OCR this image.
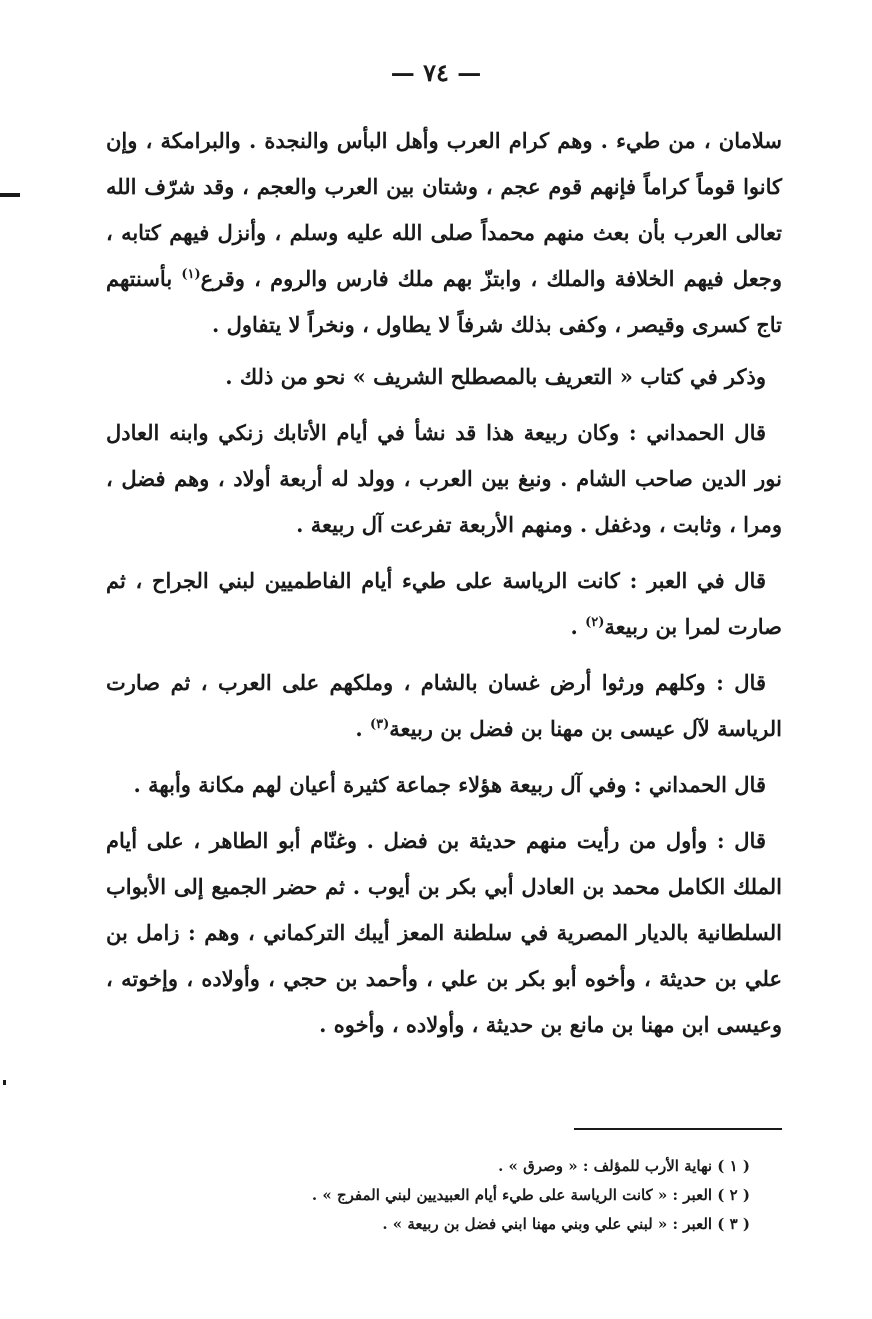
— ٧٤ —

سلامان ، من طيء . وهم كرام العرب وأهل البأس والنجدة . والبرامكة ، وإن كانوا قوماً كراماً فإنهم قوم عجم ، وشتان بين العرب والعجم ، وقد شرّف الله تعالى العرب بأن بعث منهم محمداً صلى الله عليه وسلم ، وأنزل فيهم كتابه ، وجعل فيهم الخلافة والملك ، وابتزّ بهم ملك فارس والروم ، وقرع$^{(١)}$ بأسنتهم تاج كسرى وقيصر ، وكفى بذلك شرفاً لا يطاول ، ونخراً لا يتفاول .

وذكر في كتاب « التعريف بالمصطلح الشريف » نحو من ذلك .

قال الحمداني : وكان ربيعة هذا قد نشأ في أيام الأتابك زنكي وابنه العادل نور الدين صاحب الشام . ونبغ بين العرب ، وولد له أربعة أولاد ، وهم فضل ، ومرا ، وثابت ، ودغفل . ومنهم الأربعة تفرعت آل ربيعة .

قال في العبر : كانت الرياسة على طيء أيام الفاطميين لبني الجراح ، ثم صارت لمرا بن ربيعة$^{(٢)}$ .

قال : وكلهم ورثوا أرض غسان بالشام ، وملكهم على العرب ، ثم صارت الرياسة لآل عيسى بن مهنا بن فضل بن ربيعة$^{(٣)}$ .

قال الحمداني : وفي آل ربيعة هؤلاء جماعة كثيرة أعيان لهم مكانة وأبهة .

قال : وأول من رأيت منهم حديثة بن فضل . وغنّام أبو الطاهر ، على أيام الملك الكامل محمد بن العادل أبي بكر بن أيوب . ثم حضر الجميع إلى الأبواب السلطانية بالديار المصرية في سلطنة المعز أيبك التركماني ، وهم : زامل بن علي بن حديثة ، وأخوه أبو بكر بن علي ، وأحمد بن حجي ، وأولاده ، وإخوته ، وعيسى ابن مهنا بن مانع بن حديثة ، وأولاده ، وأخوه .

( ١ ) نهاية الأرب للمؤلف : « وصرق » .

( ٢ ) العبر : « كانت الرياسة على طيء أيام العبيديين لبني المفرج » .

( ٣ ) العبر : « لبني علي وبني مهنا ابني فضل بن ربيعة » .
